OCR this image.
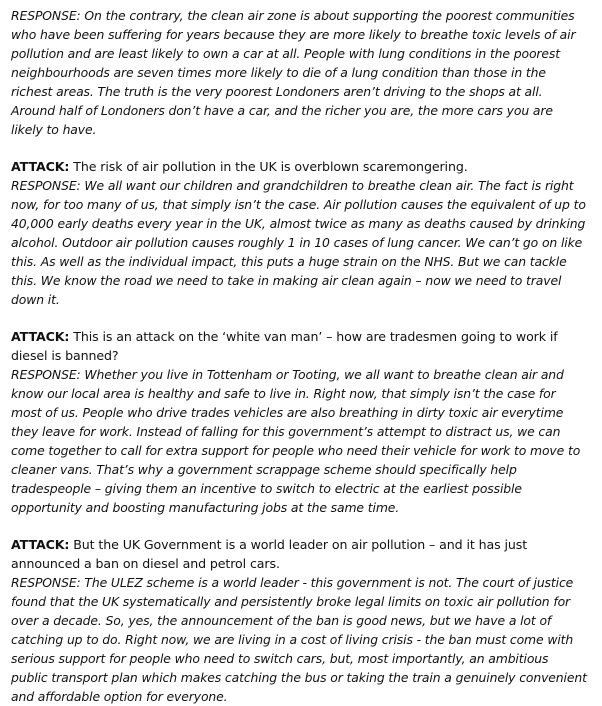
RESPONSE: On the contrary, the clean air zone is about supporting the poorest communities who have been suffering for years because they are more likely to breathe toxic levels of air pollution and are least likely to own a car at all. People with lung conditions in the poorest neighbourhoods are seven times more likely to die of a lung condition than those in the richest areas. The truth is the very poorest Londoners aren’t driving to the shops at all. Around half of Londoners don’t have a car, and the richer you are, the more cars you are likely to have.

ATTACK: The risk of air pollution in the UK is overblown scaremongering.

RESPONSE: We all want our children and grandchildren to breathe clean air. The fact is right now, for too many of us, that simply isn’t the case. Air pollution causes the equivalent of up to 40,000 early deaths every year in the UK, almost twice as many as deaths caused by drinking alcohol. Outdoor air pollution causes roughly 1 in 10 cases of lung cancer. We can’t go on like this. As well as the individual impact, this puts a huge strain on the NHS. But we can tackle this. We know the road we need to take in making air clean again – now we need to travel down it.

ATTACK: This is an attack on the ‘white van man’ – how are tradesmen going to work if diesel is banned?

RESPONSE: Whether you live in Tottenham or Tooting, we all want to breathe clean air and know our local area is healthy and safe to live in. Right now, that simply isn’t the case for most of us. People who drive trades vehicles are also breathing in dirty toxic air everytime they leave for work. Instead of falling for this government’s attempt to distract us, we can come together to call for extra support for people who need their vehicle for work to move to cleaner vans. That’s why a government scrappage scheme should specifically help tradespeople – giving them an incentive to switch to electric at the earliest possible opportunity and boosting manufacturing jobs at the same time.

ATTACK: But the UK Government is a world leader on air pollution – and it has just announced a ban on diesel and petrol cars.

RESPONSE: The ULEZ scheme is a world leader - this government is not. The court of justice found that the UK systematically and persistently broke legal limits on toxic air pollution for over a decade. So, yes, the announcement of the ban is good news, but we have a lot of catching up to do. Right now, we are living in a cost of living crisis - the ban must come with serious support for people who need to switch cars, but, most importantly, an ambitious public transport plan which makes catching the bus or taking the train a genuinely convenient and affordable option for everyone.
